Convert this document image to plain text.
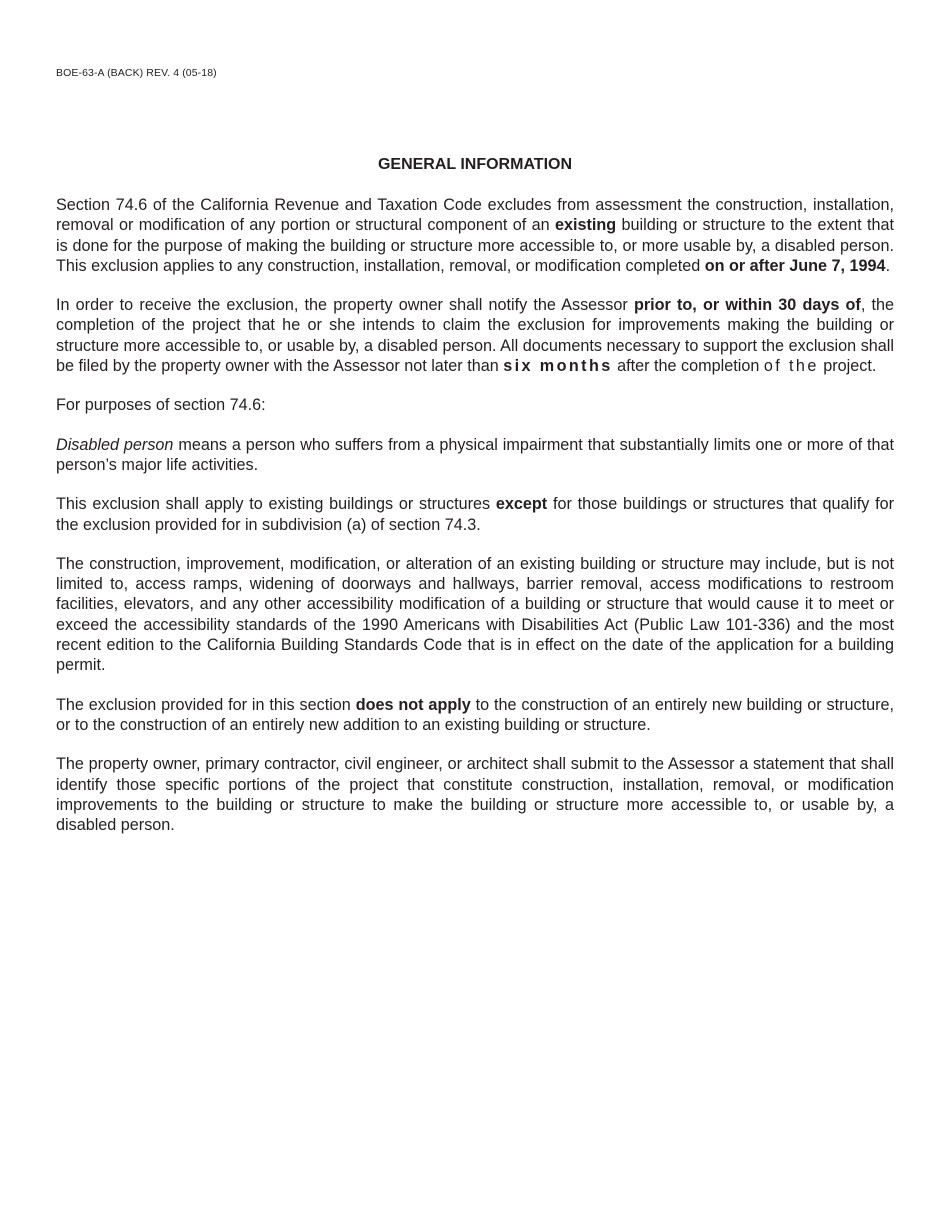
BOE-63-A (BACK) REV. 4 (05-18)
GENERAL INFORMATION

Section 74.6 of the California Revenue and Taxation Code excludes from assessment the construction, installation, removal or modification of any portion or structural component of an existing building or structure to the extent that is done for the purpose of making the building or structure more accessible to, or more usable by, a disabled person. This exclusion applies to any construction, installation, removal, or modification completed on or after June 7, 1994.

In order to receive the exclusion, the property owner shall notify the Assessor prior to, or within 30 days of, the completion of the project that he or she intends to claim the exclusion for improvements making the building or structure more accessible to, or usable by, a disabled person. All documents necessary to support the exclusion shall be filed by the property owner with the Assessor not later than six months after the completion of the project.

For purposes of section 74.6:

Disabled person means a person who suffers from a physical impairment that substantially limits one or more of that person’s major life activities.

This exclusion shall apply to existing buildings or structures except for those buildings or structures that qualify for the exclusion provided for in subdivision (a) of section 74.3.

The construction, improvement, modification, or alteration of an existing building or structure may include, but is not limited to, access ramps, widening of doorways and hallways, barrier removal, access modifications to restroom facilities, elevators, and any other accessibility modification of a building or structure that would cause it to meet or exceed the accessibility standards of the 1990 Americans with Disabilities Act (Public Law 101-336) and the most recent edition to the California Building Standards Code that is in effect on the date of the application for a building permit.

The exclusion provided for in this section does not apply to the construction of an entirely new building or structure, or to the construction of an entirely new addition to an existing building or structure.

The property owner, primary contractor, civil engineer, or architect shall submit to the Assessor a statement that shall identify those specific portions of the project that constitute construction, installation, removal, or modification improvements to the building or structure to make the building or structure more accessible to, or usable by, a disabled person.
